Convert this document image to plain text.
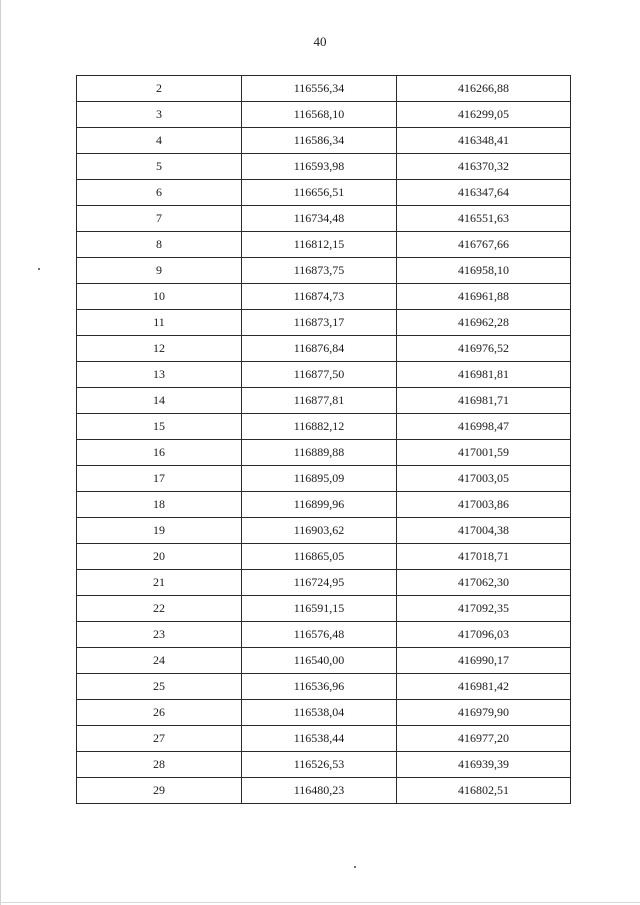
40
2	116556,34	416266,88
3	116568,10	416299,05
4	116586,34	416348,41
5	116593,98	416370,32
6	116656,51	416347,64
7	116734,48	416551,63
8	116812,15	416767,66
9	116873,75	416958,10
10	116874,73	416961,88
11	116873,17	416962,28
12	116876,84	416976,52
13	116877,50	416981,81
14	116877,81	416981,71
15	116882,12	416998,47
16	116889,88	417001,59
17	116895,09	417003,05
18	116899,96	417003,86
19	116903,62	417004,38
20	116865,05	417018,71
21	116724,95	417062,30
22	116591,15	417092,35
23	116576,48	417096,03
24	116540,00	416990,17
25	116536,96	416981,42
26	116538,04	416979,90
27	116538,44	416977,20
28	116526,53	416939,39
29	116480,23	416802,51
